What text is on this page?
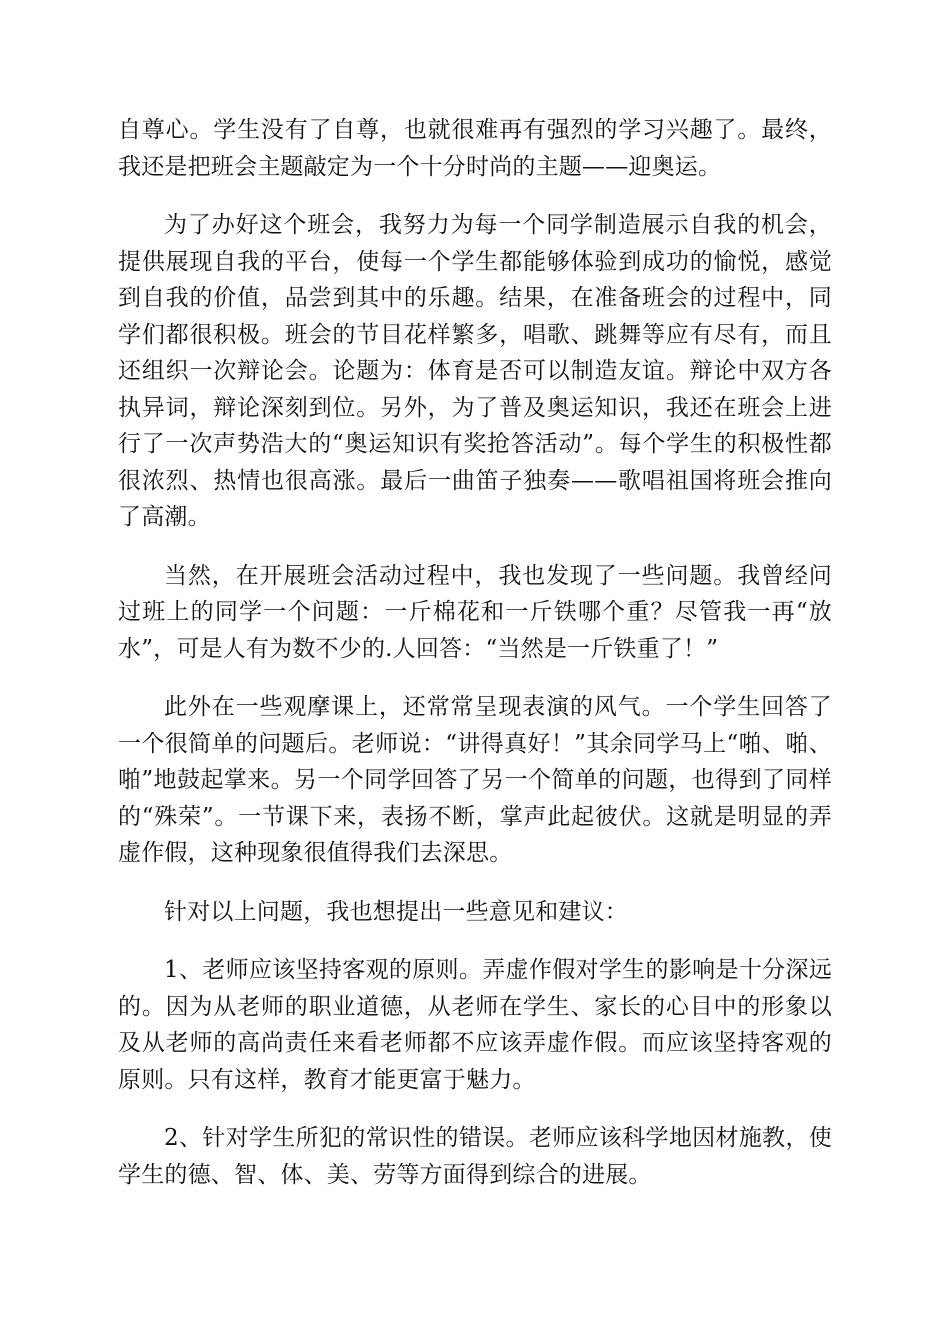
自尊心。学生没有了自尊，也就很难再有强烈的学习兴趣了。最终，我还是把班会主题敲定为一个十分时尚的主题——迎奥运。

为了办好这个班会，我努力为每一个同学制造展示自我的机会，提供展现自我的平台，使每一个学生都能够体验到成功的愉悦，感觉到自我的价值，品尝到其中的乐趣。结果，在准备班会的过程中，同学们都很积极。班会的节目花样繁多，唱歌、跳舞等应有尽有，而且还组织一次辩论会。论题为：体育是否可以制造友谊。辩论中双方各执异词，辩论深刻到位。另外，为了普及奥运知识，我还在班会上进行了一次声势浩大的“奥运知识有奖抢答活动”。每个学生的积极性都很浓烈、热情也很高涨。最后一曲笛子独奏——歌唱祖国将班会推向了高潮。

当然，在开展班会活动过程中，我也发现了一些问题。我曾经问过班上的同学一个问题：一斤棉花和一斤铁哪个重？尽管我一再“放水”，可是人有为数不少的.人回答：“当然是一斤铁重了！”

此外在一些观摩课上，还常常呈现表演的风气。一个学生回答了一个很简单的问题后。老师说：“讲得真好！”其余同学马上“啪、啪、啪”地鼓起掌来。另一个同学回答了另一个简单的问题，也得到了同样的“殊荣”。一节课下来，表扬不断，掌声此起彼伏。这就是明显的弄虚作假，这种现象很值得我们去深思。

针对以上问题，我也想提出一些意见和建议：

1、老师应该坚持客观的原则。弄虚作假对学生的影响是十分深远的。因为从老师的职业道德，从老师在学生、家长的心目中的形象以及从老师的高尚责任来看老师都不应该弄虚作假。而应该坚持客观的原则。只有这样，教育才能更富于魅力。

2、针对学生所犯的常识性的错误。老师应该科学地因材施教，使学生的德、智、体、美、劳等方面得到综合的进展。
